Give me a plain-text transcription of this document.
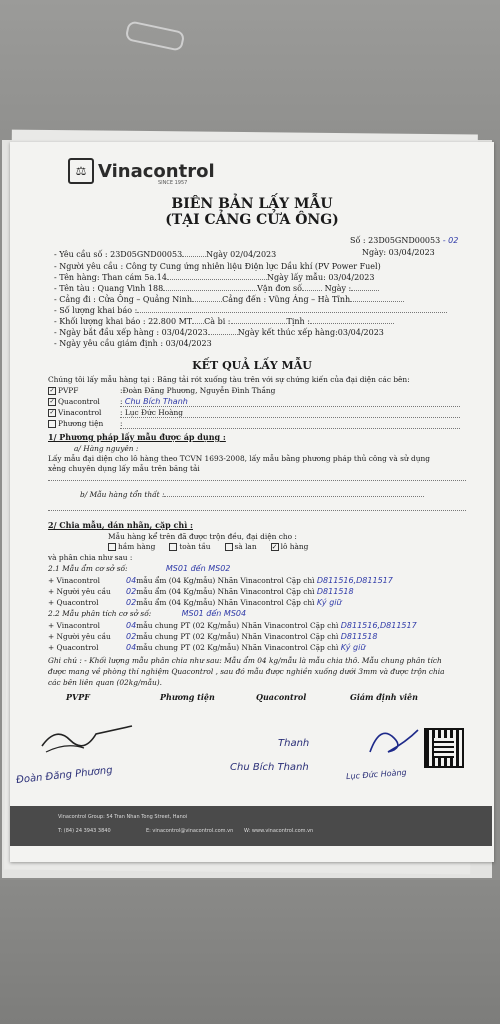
⚖ Vinacontrol
SINCE 1957
BIÊN BẢN LẤY MẪU
(TẠI CẢNG CỬA ÔNG)
Số : 23D05GND00053 - 02
Ngày: 03/04/2023
- Yêu cầu số : 23D05GND00053	Ngày 02/04/2023
- Người yêu cầu : Công ty Cung ứng nhiên liệu Điện lực Dầu khí (PV Power Fuel)
- Tên hàng: Than cám 5a.14	Ngày lấy mẫu: 03/04/2023
- Tên tàu : Quang Vinh 188	Vận đơn số	Ngày :
- Cảng đi : Cửa Ông – Quảng Ninh	Cảng đến : Vũng Áng – Hà Tĩnh
- Số lượng khai báo :
- Khối lượng khai báo : 22.800 MT Cà bi :	Tịnh :
- Ngày bắt đầu xếp hàng : 03/04/2023	Ngày kết thúc xếp hàng:03/04/2023
- Ngày yêu cầu giám định : 03/04/2023
KẾT QUẢ LẤY MẪU
Chúng tôi lấy mẫu hàng tại : Băng tải rót xuống tàu trên với sự chứng kiến của đại diện các bên:
✓ PVPF	:Đoàn Đăng Phương, Nguyễn Đình Thắng
✓ Quacontrol	: Chu Bích Thanh
✓ Vinacontrol	: Lục Đức Hoàng
Phương tiện :
1/ Phương pháp lấy mẫu được áp dụng :
a/ Hàng nguyên :
Lấy mẫu đại diện cho lô hàng theo TCVN 1693-2008, lấy mẫu bằng phương pháp thủ công và sử dụng
xẻng chuyên dụng lấy mẫu trên băng tải
b/ Mẫu hàng tổn thất :
2/ Chia mẫu, dán nhãn, cặp chì :
Mẫu hàng kể trên đã được trộn đều, đại diện cho :
hầm hàng	toàn tầu	sà lan ✓ lô hàng
và phân chia như sau :
2.1 Mẫu ẩm cơ sở số:	MS01 đến MS02
+ Vinacontrol	04mẫu ẩm (04 Kg/mẫu) Nhãn Vinacontrol Cặp chì D811516,D811517
+ Người yêu cầu 02mẫu ẩm (04 Kg/mẫu) Nhãn Vinacontrol Cặp chì D811518
+ Quacontrol	02mẫu ẩm (04 Kg/mẫu) Nhãn Vinacontrol Cặp chì Ký giữ
2.2 Mẫu phân tích cơ sở số:	MS01 đến MS04
+ Vinacontrol	04mẫu chung PT (02 Kg/mẫu) Nhãn Vinacontrol Cặp chì D811516,D811517
+ Người yêu cầu 02mẫu chung PT (02 Kg/mẫu) Nhãn Vinacontrol Cặp chì D811518
+ Quacontrol	04mẫu chung PT (02 Kg/mẫu) Nhãn Vinacontrol Cặp chì Ký giữ
Ghi chú : - Khối lượng mẫu phân chia như sau: Mẫu ẩm 04 kg/mẫu là mẫu chia thô. Mẫu chung phân tích
được mang về phòng thí nghiệm Quacontrol , sau đó mẫu được nghiền xuống dưới 3mm và được trộn chia
các bên liên quan (02kg/mẫu).
PVPF	Phương tiện	Quacontrol	Giám định viên
Đoàn Đăng Phương
Thanh
Chu Bích Thanh
Lục Đức Hoàng
Vinacontrol Group: 54 Tran Nhan Tong Street, Hanoi
T: (84) 24 3943 3840	E: vinacontrol@vinacontrol.com.vn W: www.vinacontrol.com.vn
